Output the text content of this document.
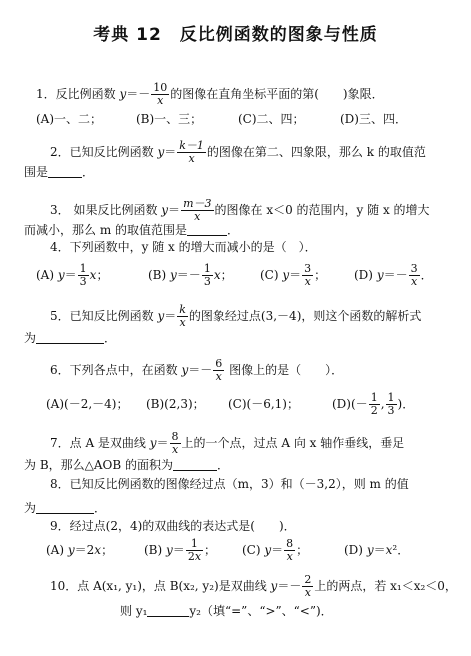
考典 12　反比例函数的图象与性质
1．反比例函数 $y=- \frac{10}{x}$ 的图像在直角坐标平面的第(　　)象限．
(A)一、二；	(B)一、三；	(C)二、四；	(D)三、四．
2．已知反比例函数 $y= \frac{k-1}{x}$ 的图像在第二、四象限，那么 k 的取值范
围是	．
3． 如果反比例函数 $y= \frac{m-3}{x}$ 的图像在 x＜0 的范围内，y 随 x 的增大
而减小，那么 m 的取值范围是	．
4．下列函数中，y 随 x 的增大而减小的是（　）．
(A) $y= \frac{1}{3}$ x；	(B) $y=- \frac{1}{3}$ x； (C) $y= \frac{3}{x}$ ； (D) $y=- \frac{3}{x}$ ．
5．已知反比例函数 $y= \frac{k}{x}$ 的图象经过点(3,－4)，则这个函数的解析式
为	．
6．下列各点中，在函数 $y=- \frac{6}{x}$ 图像上的是（　　）．
(A)(－2,－4)； (B)(2,3)； (C)(－6,1)；	$(D)(- \frac{1}{2}$ , $\frac{1}{3}$ )．
7．点 A 是双曲线 $y= \frac{8}{x}$ 上的一个点，过点 A 向 x 轴作垂线，垂足
为 B，那么△AOB 的面积为	．
8．已知反比例函数的图像经过点（m，3）和（－3,2），则 m 的值
为	．
9．经过点(2，4)的双曲线的表达式是(　　)．
(A) y＝2x；	(B) $y= \frac{1}{2x}$ ； (C) $y= \frac{8}{x}$ ；	(D) y＝x²．
10．点 A(x₁, y₁)，点 B(x₂, y₂)是双曲线 $y=- \frac{2}{x}$ 上的两点，若 x₁＜x₂＜0，
则 y₁	y₂（填“=”、“>”、“<”)．
